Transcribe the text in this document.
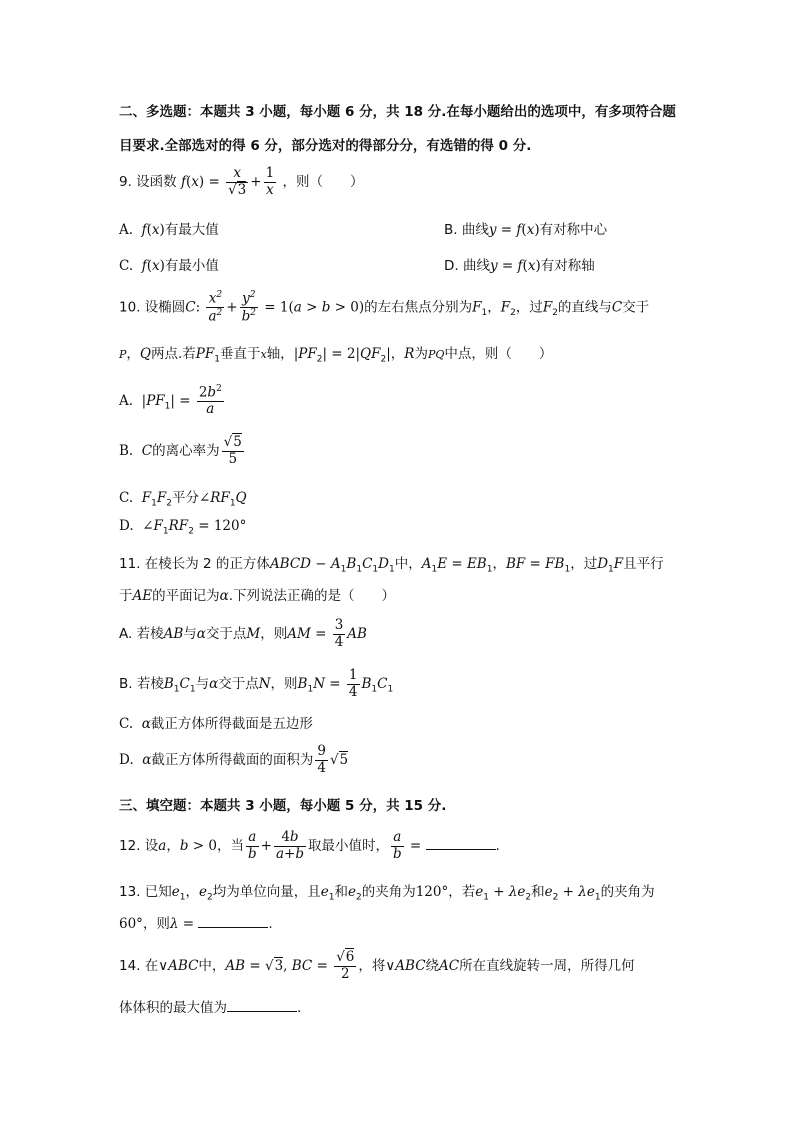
二、多选题：本题共 3 小题，每小题 6 分，共 18 分.在每小题给出的选项中，有多项符合题
目要求.全部选对的得 6 分，部分选对的得部分分，有选错的得 0 分.
9. 设函数 $f(x) = \frac{x}{√3} + \frac{1}{x}$ ，则（　　）
A.  f(x)有最大值	B. 曲线y = f(x)有对称中心
C.  f(x)有最小值	D. 曲线y = f(x)有对称轴
10. 设椭圆C: $\frac{x^2}{a^2} + \frac{y^2}{b^2} = 1(a > b > 0)$的左右焦点分别为$F_1$，$F_2$，过$F_2$的直线与C交于
P，Q两点.若$PF_1$垂直于x轴，$|PF_2| = 2|QF_2|$，R为PQ中点，则（　　）
A.  $|PF_1| = \frac{2b^2}{a}$
B.  C的离心率为 $\frac{√5}{5}$
C.  $F_1F_2$平分$\angle RF_1Q$
D.  $\angle F_1RF_2 = 120^\circ$
11. 在棱长为 2 的正方体ABCD − $A_1B_1C_1D_1$中，$A_1E = EB_1$，BF = $FB_1$，过$D_1F$且平行
于AE的平面记为α.下列说法正确的是（　　）
A. 若棱AB与α交于点M，则AM = $\frac{3}{4}$ AB
B. 若棱$B_1C_1$与α交于点N，则$B_1N = \frac{1}{4} B_1C_1$
C.  α截正方体所得截面是五边形
D.  α截正方体所得截面的面积为 $\frac{9}{4} √5$
三、填空题：本题共 3 小题，每小题 5 分，共 15 分.
12. 设a，b > 0，当 $\frac{a}{b} + \frac{4b}{a+b}$ 取最小值时， $\frac{a}{b}$ =	.
13. 已知$e_1$，$e_2$均为单位向量，且$e_1$和$e_2$的夹角为120°，若$e_1 + \lambda e_2$和$e_2 + \lambda e_1$的夹角为
60°，则λ =	.
14. 在∨ABC中，AB = √3, BC = $\frac{√6}{2}$ ，将∨ABC绕AC所在直线旋转一周，所得几何
体体积的最大值为	.
